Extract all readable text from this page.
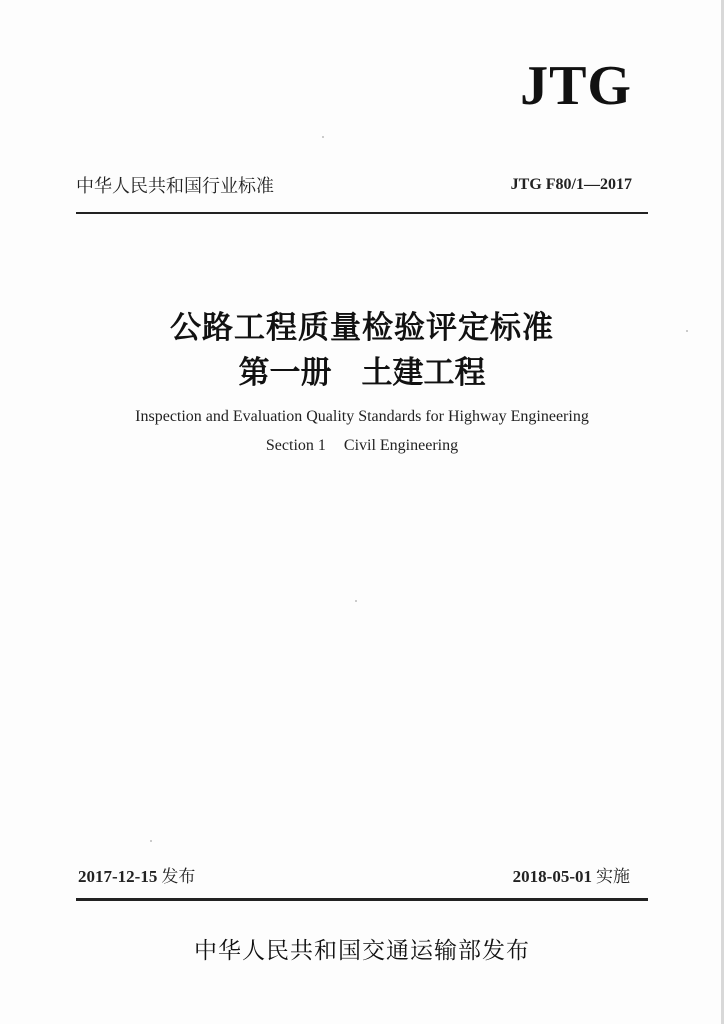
JTG
中华人民共和国行业标准	JTG F80/1—2017
公路工程质量检验评定标准
第一册 土建工程
Inspection and Evaluation Quality Standards for Highway Engineering
Section 1 Civil Engineering
2017-12-15 发布	2018-05-01 实施
中华人民共和国交通运输部发布
